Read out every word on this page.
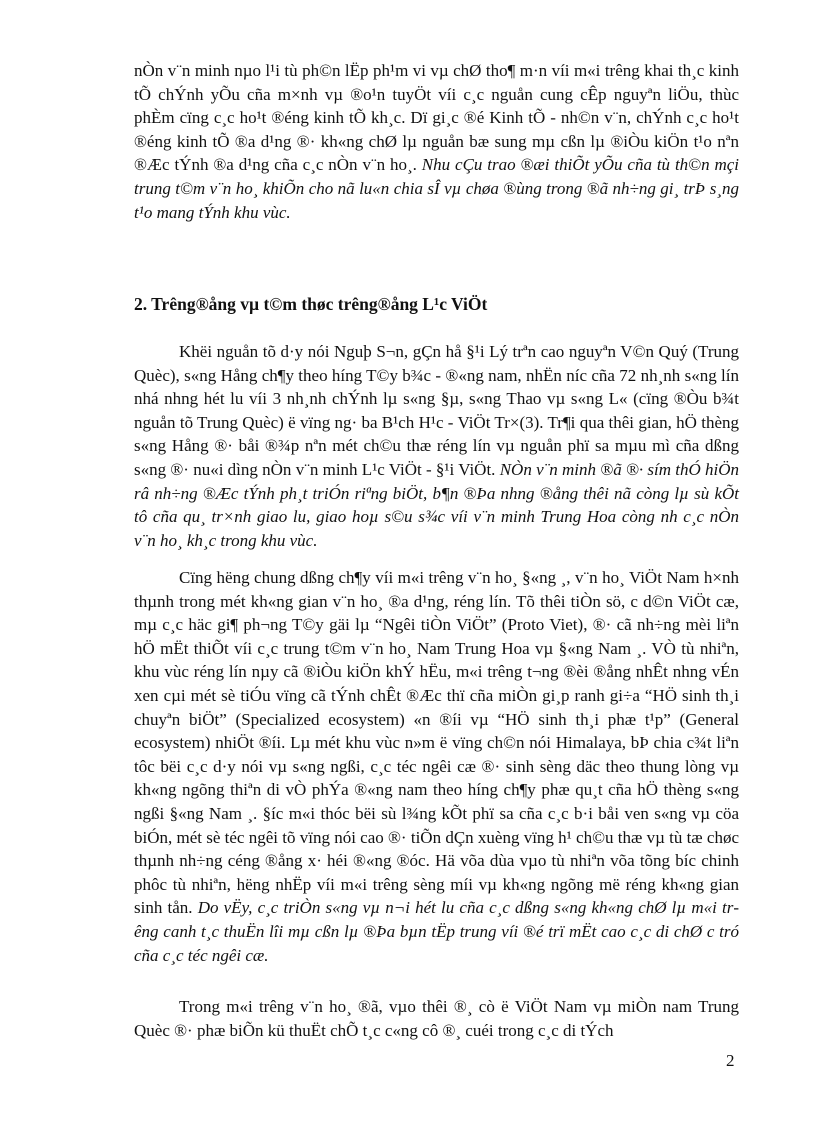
nÒn v¨n minh nµo l¹i tù ph©n lËp ph¹m vi vµ chØ tho¶ m·n víi m«i trêng khai th¸c kinh tÕ chÝnh yÕu cña m×nh vµ ®o¹n tuyÖt víi c¸c nguån cung cÊp nguyªn liÖu, thùc phÈm cïng c¸c ho¹t ®éng kinh tÕ kh¸c. Dï gi¸c ®é Kinh tÕ - nh©n v¨n, chÝnh c¸c ho¹t ®éng kinh tÕ ®a d¹ng ®· kh«ng chØ lµ nguån bæ sung mµ cßn lµ ®iÒu kiÖn t¹o nªn ®Æc tÝnh ®a d¹ng cña c¸c nÒn v¨n ho¸. Nhu cÇu trao ®æi thiÕt yÕu cña tù th©n mçi trung t©m v¨n ho¸ khiÕn cho nã lu«n chia sÎ vµ chøa ®ùng trong ®ã nh÷ng gi¸ trÞ s¸ng t¹o mang tÝnh khu vùc.

2. Trêng®ång vµ t©m thøc trêng®ång L¹c ViÖt

Khëi nguån tõ d·y nói Nguþ S¬n, gÇn hå §¹i Lý trªn cao nguyªn V©n Quý (Trung Quèc), s«ng Hång ch¶y theo híng T©y b¾c - ®«ng nam, nhËn níc cña 72 nh¸nh s«ng lín nhá nhng hét lu víi 3 nh¸nh chÝnh lµ s«ng §µ, s«ng Thao vµ s«ng L« (cïng ®Òu b¾t nguån tõ Trung Quèc) ë vïng ng· ba B¹ch H¹c - ViÖt Tr×(3). Tr¶i qua thêi gian, hÖ thèng s«ng Hång ®· båi ®¾p nªn mét ch©u thæ réng lín vµ nguån phï sa mµu mì cña dßng s«ng ®· nu«i dìng nÒn v¨n minh L¹c ViÖt - §¹i ViÖt. NÒn v¨n minh ®ã ®· sím thÓ hiÖn râ nh÷ng ®Æc tÝnh ph¸t triÓn riªng biÖt, b¶n ®Þa nhng ®ång thêi nã còng lµ sù kÕt tô cña qu¸ tr×nh giao lu, giao hoµ s©u s¾c víi v¨n minh Trung Hoa còng nh c¸c nÒn v¨n ho¸ kh¸c trong khu vùc.

Cïng hëng chung dßng ch¶y víi m«i trêng v¨n ho¸ §«ng ¸, v¨n ho¸ ViÖt Nam h×nh thµnh trong mét kh«ng gian v¨n ho¸ ®a d¹ng, réng lín. Tõ thêi tiÒn sö, c d©n ViÖt cæ, mµ c¸c häc gi¶ ph¬ng T©y gäi lµ “Ngêi tiÒn ViÖt” (Proto Viet), ®· cã nh÷ng mèi liªn hÖ mËt thiÕt víi c¸c trung t©m v¨n ho¸ Nam Trung Hoa vµ §«ng Nam ¸. VÒ tù nhiªn, khu vùc réng lín nµy cã ®iÒu kiÖn khÝ hËu, m«i trêng t¬ng ®èi ®ång nhÊt nhng vÉn xen cµi mét sè tiÓu vïng cã tÝnh chÊt ®Æc thï cña miÒn gi¸p ranh gi÷a “HÖ sinh th¸i chuyªn biÖt” (Specialized ecosystem) «n ®íi vµ “HÖ sinh th¸i phæ t¹p” (General ecosystem) nhiÖt ®íi. Lµ mét khu vùc n»m ë vïng ch©n nói Himalaya, bÞ chia c¾t liªn tôc bëi c¸c d·y nói vµ s«ng ngßi, c¸c téc ngêi cæ ®· sinh sèng däc theo thung lòng vµ kh«ng ngõng thiªn di vÒ phÝa ®«ng nam theo híng ch¶y phæ qu¸t cña hÖ thèng s«ng ngßi §«ng Nam ¸. §íc m«i thóc bëi sù l¾ng kÕt phï sa cña c¸c b·i båi ven s«ng vµ cöa biÓn, mét sè téc ngêi tõ vïng nói cao ®· tiÕn dÇn xuèng vïng h¹ ch©u thæ vµ tù tæ chøc thµnh nh÷ng céng ®ång x· héi ®«ng ®óc. Hä võa dùa vµo tù nhiªn võa tõng bíc chinh phôc tù nhiªn, hëng nhËp víi m«i trêng sèng míi vµ kh«ng ngõng më réng kh«ng gian sinh tån. Do vËy, c¸c triÒn s«ng vµ n¬i hét lu cña c¸c dßng s«ng kh«ng chØ lµ m«i trêng canh t¸c thuËn lîi mµ cßn lµ ®Þa bµn tËp trung víi ®é trï mËt cao c¸c di chØ c tró cña c¸c téc ngêi cæ.

Trong m«i trêng v¨n ho¸ ®ã, vµo thêi ®¸ cò ë ViÖt Nam vµ miÒn nam Trung Quèc ®· phæ biÕn kü thuËt chÕ t¸c c«ng cô ®¸ cuéi trong c¸c di tÝch

2
